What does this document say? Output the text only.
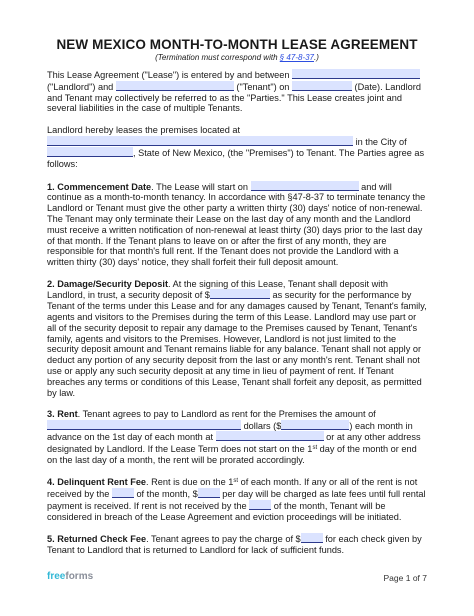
NEW MEXICO MONTH-TO-MONTH LEASE AGREEMENT
(Termination must correspond with § 47-8-37.)

This Lease Agreement ("Lease") is entered by and between  ("Landlord") and	("Tenant") on	(Date). Landlord and Tenant may collectively be referred to as the "Parties." This Lease creates joint and several liabilities in the case of multiple Tenants.

Landlord hereby leases the premises located at
in the City of
, State of New Mexico, (the "Premises") to Tenant. The Parties agree as follows:

1. Commencement Date. The Lease will start on	and will continue as a month-to-month tenancy. In accordance with §47-8-37 to terminate tenancy the Landlord or Tenant must give the other party a written thirty (30) days' notice of non-renewal. The Tenant may only terminate their Lease on the last day of any month and the Landlord must receive a written notification of non-renewal at least thirty (30) days prior to the last day of that month. If the Tenant plans to leave on or after the first of any month, they are responsible for that month's full rent. If the Tenant does not provide the Landlord with a written thirty (30) days' notice, they shall forfeit their full deposit amount.

2. Damage/Security Deposit. At the signing of this Lease, Tenant shall deposit with Landlord, in trust, a security deposit of $	as security for the performance by Tenant of the terms under this Lease and for any damages caused by Tenant, Tenant's family, agents and visitors to the Premises during the term of this Lease. Landlord may use part or all of the security deposit to repair any damage to the Premises caused by Tenant, Tenant's family, agents and visitors to the Premises. However, Landlord is not just limited to the security deposit amount and Tenant remains liable for any balance. Tenant shall not apply or deduct any portion of any security deposit from the last or any month's rent. Tenant shall not use or apply any such security deposit at any time in lieu of payment of rent. If Tenant breaches any terms or conditions of this Lease, Tenant shall forfeit any deposit, as permitted by law.

3. Rent. Tenant agrees to pay to Landlord as rent for the Premises the amount of
dollars ($	) each month in advance on the 1st day of each month at	or at any other address designated by Landlord. If the Lease Term does not start on the 1st day of the month or end on the last day of a month, the rent will be prorated accordingly.

4. Delinquent Rent Fee. Rent is due on the 1st of each month. If any or all of the rent is not received by the	of the month, $	per day will be charged as late fees until full rental payment is received. If rent is not received by the	of the month, Tenant will be considered in breach of the Lease Agreement and eviction proceedings will be initiated.

5. Returned Check Fee. Tenant agrees to pay the charge of $	for each check given by Tenant to Landlord that is returned to Landlord for lack of sufficient funds.

freeforms	Page 1 of 7
